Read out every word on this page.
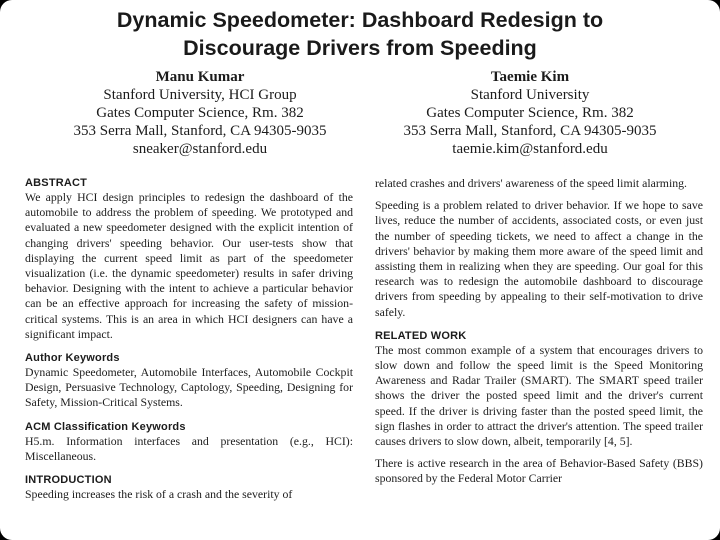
Dynamic Speedometer: Dashboard Redesign to
Discourage Drivers from Speeding
Manu Kumar
Stanford University, HCI Group
Gates Computer Science, Rm. 382
353 Serra Mall, Stanford, CA 94305-9035
sneaker@stanford.edu
Taemie Kim
Stanford University
Gates Computer Science, Rm. 382
353 Serra Mall, Stanford, CA 94305-9035
taemie.kim@stanford.edu
ABSTRACT

We apply HCI design principles to redesign the dashboard of the automobile to address the problem of speeding. We prototyped and evaluated a new speedometer designed with the explicit intention of changing drivers' speeding behavior. Our user-tests show that displaying the current speed limit as part of the speedometer visualization (i.e. the dynamic speedometer) results in safer driving behavior. Designing with the intent to achieve a particular behavior can be an effective approach for increasing the safety of mission-critical systems. This is an area in which HCI designers can have a significant impact.

Author Keywords

Dynamic Speedometer, Automobile Interfaces, Automobile Cockpit Design, Persuasive Technology, Captology, Speeding, Designing for Safety, Mission-Critical Systems.

ACM Classification Keywords

H5.m. Information interfaces and presentation (e.g., HCI): Miscellaneous.

INTRODUCTION

Speeding increases the risk of a crash and the severity of

related crashes and drivers' awareness of the speed limit alarming.

Speeding is a problem related to driver behavior. If we hope to save lives, reduce the number of accidents, associated costs, or even just the number of speeding tickets, we need to affect a change in the drivers' behavior by making them more aware of the speed limit and assisting them in realizing when they are speeding. Our goal for this research was to redesign the automobile dashboard to discourage drivers from speeding by appealing to their self-motivation to drive safely.

RELATED WORK

The most common example of a system that encourages drivers to slow down and follow the speed limit is the Speed Monitoring Awareness and Radar Trailer (SMART). The SMART speed trailer shows the driver the posted speed limit and the driver's current speed. If the driver is driving faster than the posted speed limit, the sign flashes in order to attract the driver's attention. The speed trailer causes drivers to slow down, albeit, temporarily [4, 5].

There is active research in the area of Behavior-Based Safety (BBS) sponsored by the Federal Motor Carrier
